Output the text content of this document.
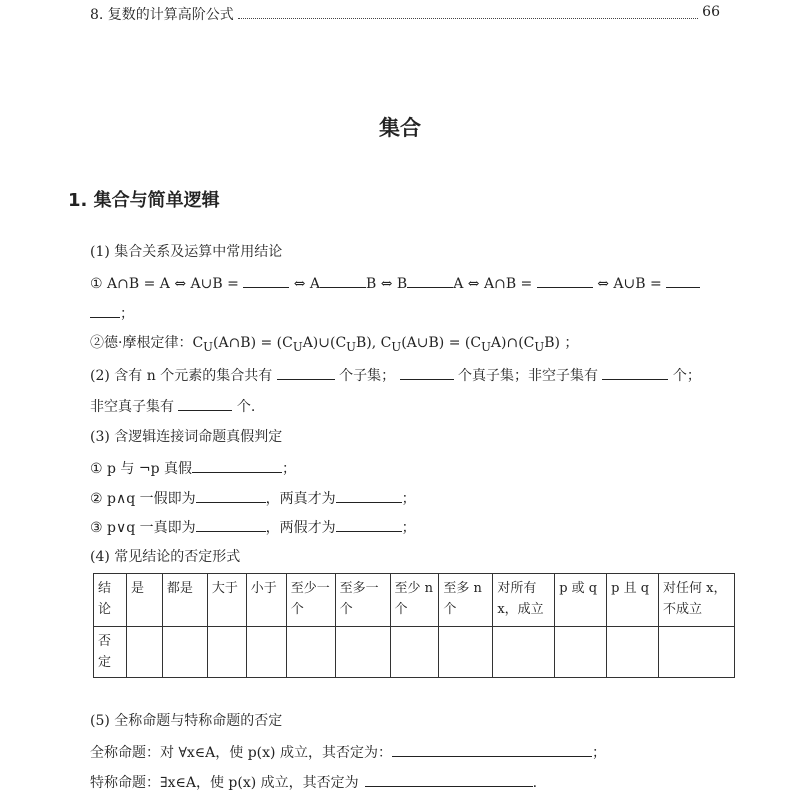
8. 复数的计算高阶公式	66
集合
1. 集合与简单逻辑
(1) 集合关系及运算中常用结论
① A∩B = A ⇔ A∪B =	⇔ A	B ⇔ B	A ⇔ A∩B =	⇔ A∪B =
；
②德·摩根定律：$C_U(A\cap B)$ = $(C_UA)\cup(C_UB)$, $C_U(A\cup B)$ = $(C_UA)\cap(C_UB)$ ；
(2) 含有 n 个元素的集合共有	个子集；	个真子集；非空子集有	个；
非空真子集有	个.
(3) 含逻辑连接词命题真假判定
① p 与 ¬p 真假	；
② p∧q 一假即为	，两真才为	；
③ p∨q 一真即为	，两假才为	；
(4) 常见结论的否定形式
结论	是	都是	大于	小于	至少一个	至多一个	至少 n 个	至多 n 个	对所有 x，成立	p 或 q	p 且 q	对任何 x，不成立
否定												
(5) 全称命题与特称命题的否定
全称命题：对 ∀x∈A，使 p(x) 成立，其否定为：	；
特称命题：∃x∈A，使 p(x) 成立，其否定为	.
